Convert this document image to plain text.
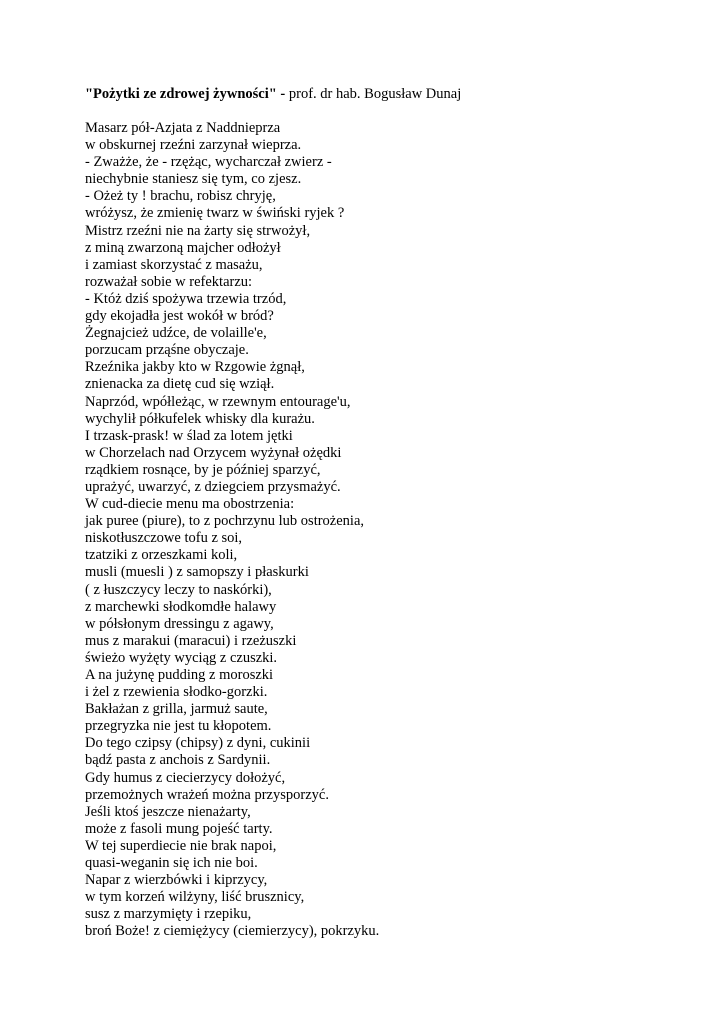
"Pożytki ze zdrowej żywności" - prof. dr hab. Bogusław Dunaj
Masarz pół-Azjata z Naddnieprza
w obskurnej rzeźni zarzynał wieprza.
- Zważże, że - rzężąc, wycharczał zwierz -
niechybnie staniesz się tym, co zjesz.
- Ożeż ty ! brachu, robisz chryję,
wróżysz, że zmienię twarz w świński ryjek ?
Mistrz rzeźni nie na żarty się strwożył,
z miną zwarzoną majcher odłożył
i zamiast skorzystać z masażu,
rozważał sobie w refektarzu:
- Któż dziś spożywa trzewia trzód,
gdy ekojadła jest wokół w bród?
Żegnajcież udźce, de volaille'e,
porzucam prząśne obyczaje.
Rzeźnika jakby kto w Rzgowie żgnął,
znienacka za dietę cud się wziął.
Naprzód, wpółleżąc, w rzewnym entourage'u,
wychylił półkufelek whisky dla kurażu.
I trzask-prask! w ślad za lotem jętki
w Chorzelach nad Orzycem wyżynał ożędki
rządkiem rosnące, by je później sparzyć,
uprażyć, uwarzyć, z dziegciem przysmażyć.
W cud-diecie menu ma obostrzenia:
jak puree (piure), to z pochrzynu lub ostrożenia,
niskotłuszczowe tofu z soi,
tzatziki z orzeszkami koli,
musli (muesli ) z samopszy i płaskurki
( z łuszczycy leczy to naskórki),
z marchewki słodkomdłe halawy
w półsłonym dressingu z agawy,
mus z marakui (maracui) i rzeżuszki
świeżo wyżęty wyciąg z czuszki.
A na jużynę pudding z moroszki
i żel z rzewienia słodko-gorzki.
Bakłażan z grilla, jarmuż saute,
przegryzka nie jest tu kłopotem.
Do tego czipsy (chipsy) z dyni, cukinii
bądź pasta z anchois z Sardynii.
Gdy humus z ciecierzycy dołożyć,
przemożnych wrażeń można przysporzyć.
Jeśli ktoś jeszcze nienażarty,
może z fasoli mung pojeść tarty.
W tej superdiecie nie brak napoi,
quasi-weganin się ich nie boi.
Napar z wierzbówki i kiprzycy,
w tym korzeń wilżyny, liść brusznicy,
susz z marzymięty i rzepiku,
broń Boże! z ciemiężycy (ciemierzycy), pokrzyku.
